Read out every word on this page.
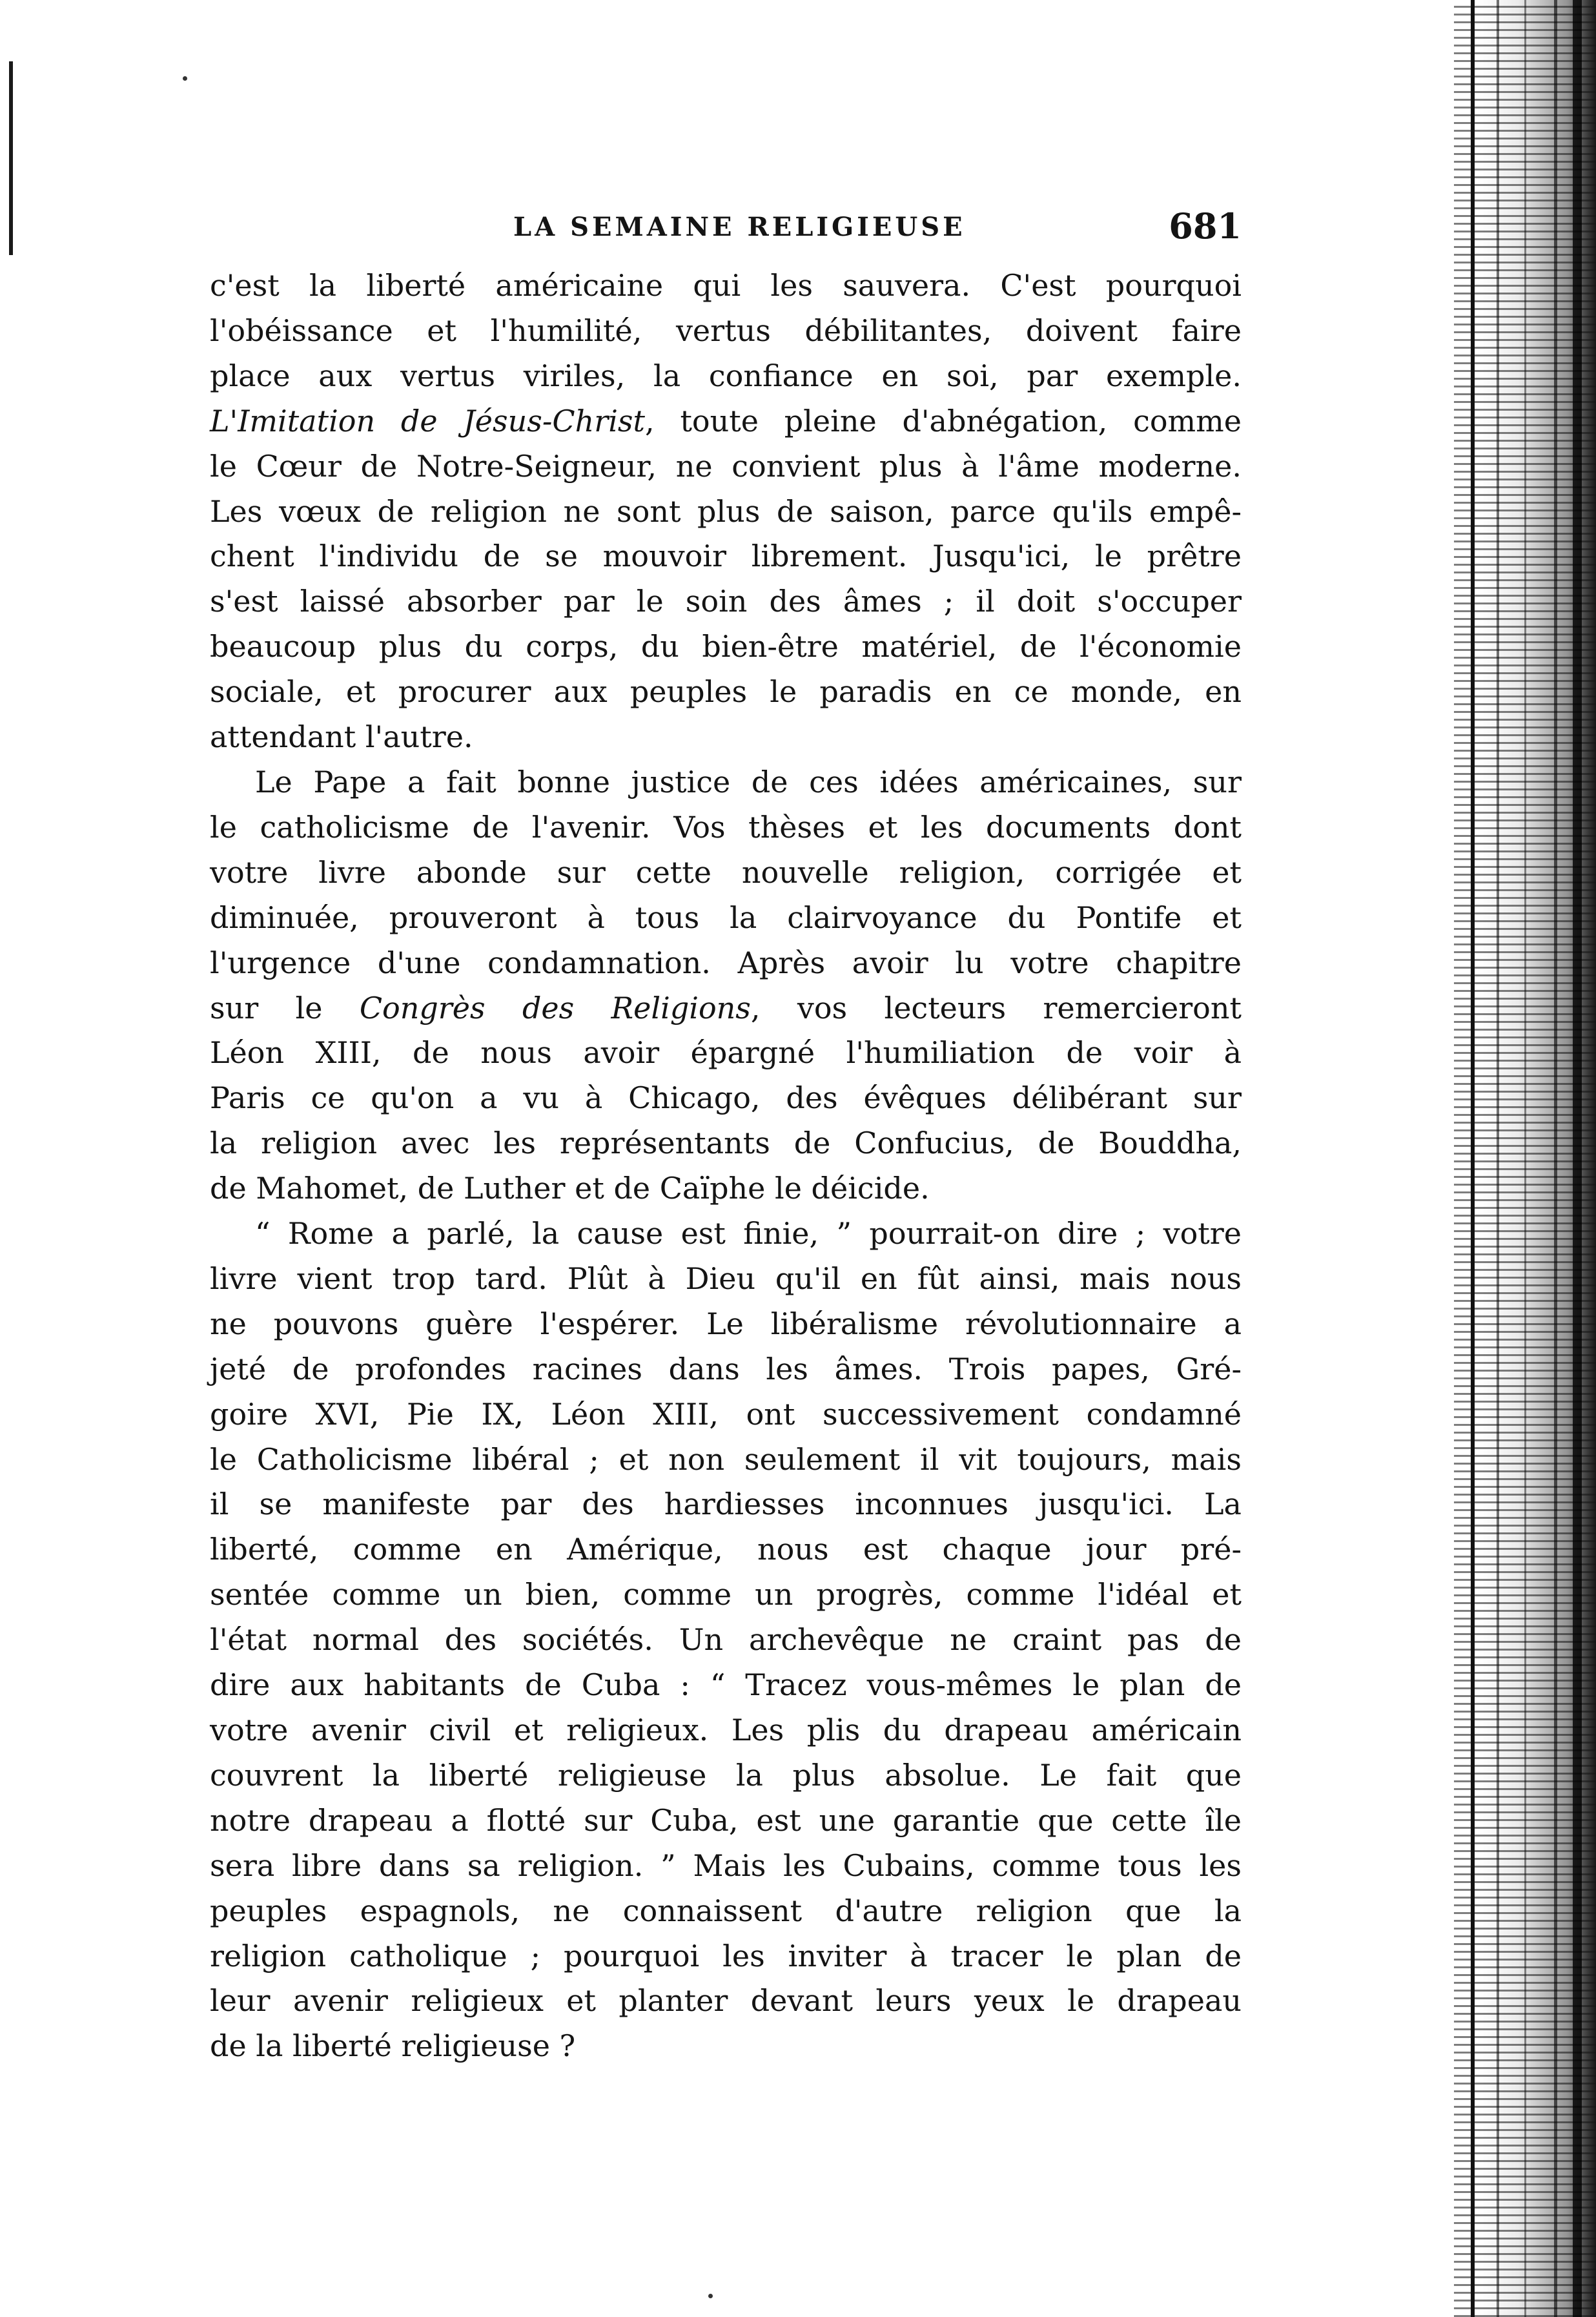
LA SEMAINE RELIGIEUSE	681
c'est la liberté américaine qui les sauvera. C'est pourquoi
l'obéissance et l'humilité, vertus débilitantes, doivent faire
place aux vertus viriles, la confiance en soi, par exemple.
L'Imitation de Jésus-Christ, toute pleine d'abnégation, comme
le Cœur de Notre-Seigneur, ne convient plus à l'âme moderne.
Les vœux de religion ne sont plus de saison, parce qu'ils empê-
chent l'individu de se mouvoir librement. Jusqu'ici, le prêtre
s'est laissé absorber par le soin des âmes ; il doit s'occuper
beaucoup plus du corps, du bien-être matériel, de l'économie
sociale, et procurer aux peuples le paradis en ce monde, en
attendant l'autre.
Le Pape a fait bonne justice de ces idées américaines, sur
le catholicisme de l'avenir. Vos thèses et les documents dont
votre livre abonde sur cette nouvelle religion, corrigée et
diminuée, prouveront à tous la clairvoyance du Pontife et
l'urgence d'une condamnation. Après avoir lu votre chapitre
sur le Congrès des Religions, vos lecteurs remercieront
Léon XIII, de nous avoir épargné l'humiliation de voir à
Paris ce qu'on a vu à Chicago, des évêques délibérant sur
la religion avec les représentants de Confucius, de Bouddha,
de Mahomet, de Luther et de Caïphe le déicide.
“ Rome a parlé, la cause est finie, ” pourrait-on dire ; votre
livre vient trop tard. Plût à Dieu qu'il en fût ainsi, mais nous
ne pouvons guère l'espérer. Le libéralisme révolutionnaire a
jeté de profondes racines dans les âmes. Trois papes, Gré-
goire XVI, Pie IX, Léon XIII, ont successivement condamné
le Catholicisme libéral ; et non seulement il vit toujours, mais
il se manifeste par des hardiesses inconnues jusqu'ici. La
liberté, comme en Amérique, nous est chaque jour pré-
sentée comme un bien, comme un progrès, comme l'idéal et
l'état normal des sociétés. Un archevêque ne craint pas de
dire aux habitants de Cuba : “ Tracez vous-mêmes le plan de
votre avenir civil et religieux. Les plis du drapeau américain
couvrent la liberté religieuse la plus absolue. Le fait que
notre drapeau a flotté sur Cuba, est une garantie que cette île
sera libre dans sa religion. ” Mais les Cubains, comme tous les
peuples espagnols, ne connaissent d'autre religion que la
religion catholique ; pourquoi les inviter à tracer le plan de
leur avenir religieux et planter devant leurs yeux le drapeau
de la liberté religieuse ?
